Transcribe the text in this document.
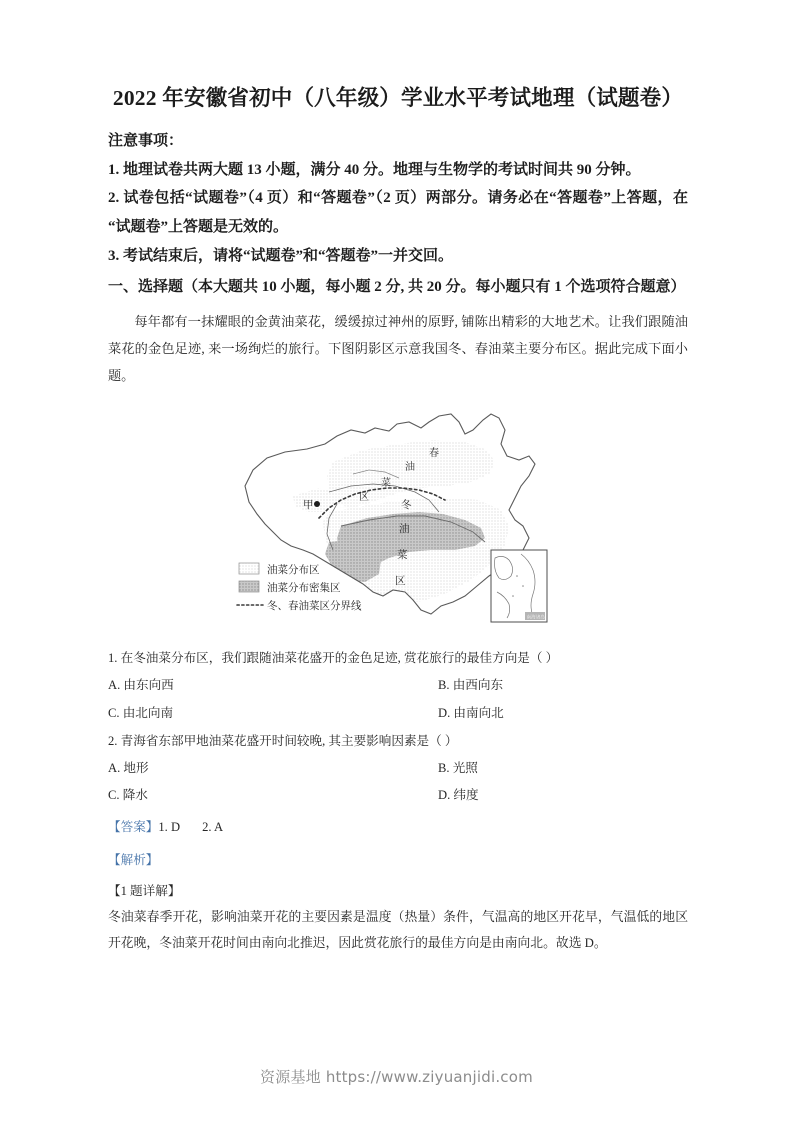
2022 年安徽省初中（八年级）学业水平考试地理（试题卷）

注意事项：

1. 地理试卷共两大题 13 小题，满分 40 分。地理与生物学的考试时间共 90 分钟。

2. 试卷包括“试题卷”（4 页）和“答题卷”（2 页）两部分。请务必在“答题卷”上答题，在“试题卷”上答题是无效的。

3. 考试结束后，请将“试题卷”和“答题卷”一并交回。

一、选择题（本大题共 10 小题，每小题 2 分, 共 20 分。每小题只有 1 个选项符合题意）

每年都有一抹耀眼的金黄油菜花，缓缓掠过神州的原野, 铺陈出精彩的大地艺术。让我们跟随油菜花的金色足迹, 来一场绚烂的旅行。下图阴影区示意我国冬、春油菜主要分布区。据此完成下面小题。

甲
春
油
菜
区
冬
油
菜
区
南海诸岛
油菜分布区
油菜分布密集区
冬、春油菜区分界线

1. 在冬油菜分布区，我们跟随油菜花盛开的金色足迹, 赏花旅行的最佳方向是（ ）

A. 由东向西	B. 由西向东
C. 由北向南	D. 由南向北

2. 青海省东部甲地油菜花盛开时间较晚, 其主要影响因素是（ ）

A. 地形	B. 光照
C. 降水	D. 纬度

【答案】1. D 2. A

【解析】

【1 题详解】

冬油菜春季开花，影响油菜开花的主要因素是温度（热量）条件，气温高的地区开花早，气温低的地区开花晚，冬油菜开花时间由南向北推迟，因此赏花旅行的最佳方向是由南向北。故选 D。

资源基地 https://www.ziyuanjidi.com
